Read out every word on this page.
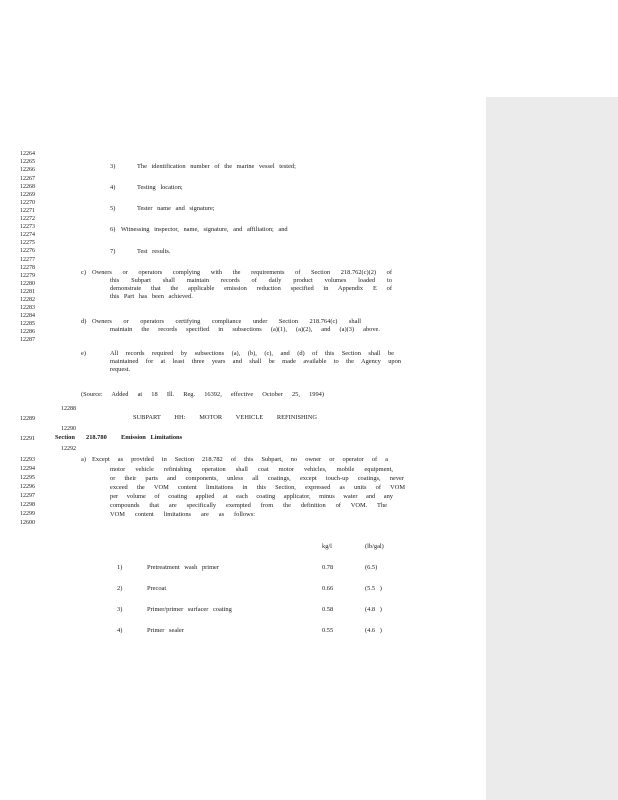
12264
12265
12266
12267
12268
12269
12270
12271
12272
12273
12274
12275
12276
12277
12278
12279
12280
12281
12282
12283
12284
12285
12286
12287
12288
12289
12290
12291
12292
12293
12294
12295
12296
12297
12298
12299
12600
3)	The identification number of the marine vessel tested;
4)	Testing location;
5)	Tester name and signature;
6) Witnessing inspector, name, signature, and affiliation; and
7)	Test results.
c) Owners or operators complying with the requirements of Section 218.762(c)(2) of
this Subpart shall maintain records of daily product volumes loaded to
demonstrate that the applicable emission reduction specified in Appendix E of
this Part has been achieved.
d) Owners or operators certifying compliance under Section 218.764(c) shall
maintain the records specified in subsections (a)(1), (a)(2), and (a)(3) above.
e)	All records required by subsections (a), (b), (c), and (d) of this Section shall be
maintained for at least three years and shall be made available to the Agency upon
request.
(Source: Added at 18 Ill. Reg. 16392, effective October 25, 1994)
SUBPART HH: MOTOR VEHICLE REFINISHING
Section 218.780 Emission Limitations
a) Except as provided in Section 218.782 of this Subpart, no owner or operator of a
motor vehicle refinishing operation shall coat motor vehicles, mobile equipment,
or their parts and components, unless all coatings, except touch-up coatings, never
exceed the VOM content limitations in this Section, expressed as units of VOM
per volume of coating applied at each coating applicator, minus water and any
compounds that are specifically exempted from the definition of VOM. The
VOM content limitations are as follows:
kg/l	(lb/gal)
1)	Pretreatment wash primer	0.78	(6.5)
2)	Precoat	0.66	(5.5 )
3)	Primer/primer surfacer coating	0.58	(4.8 )
4)	Primer sealer	0.55	(4.6 )
